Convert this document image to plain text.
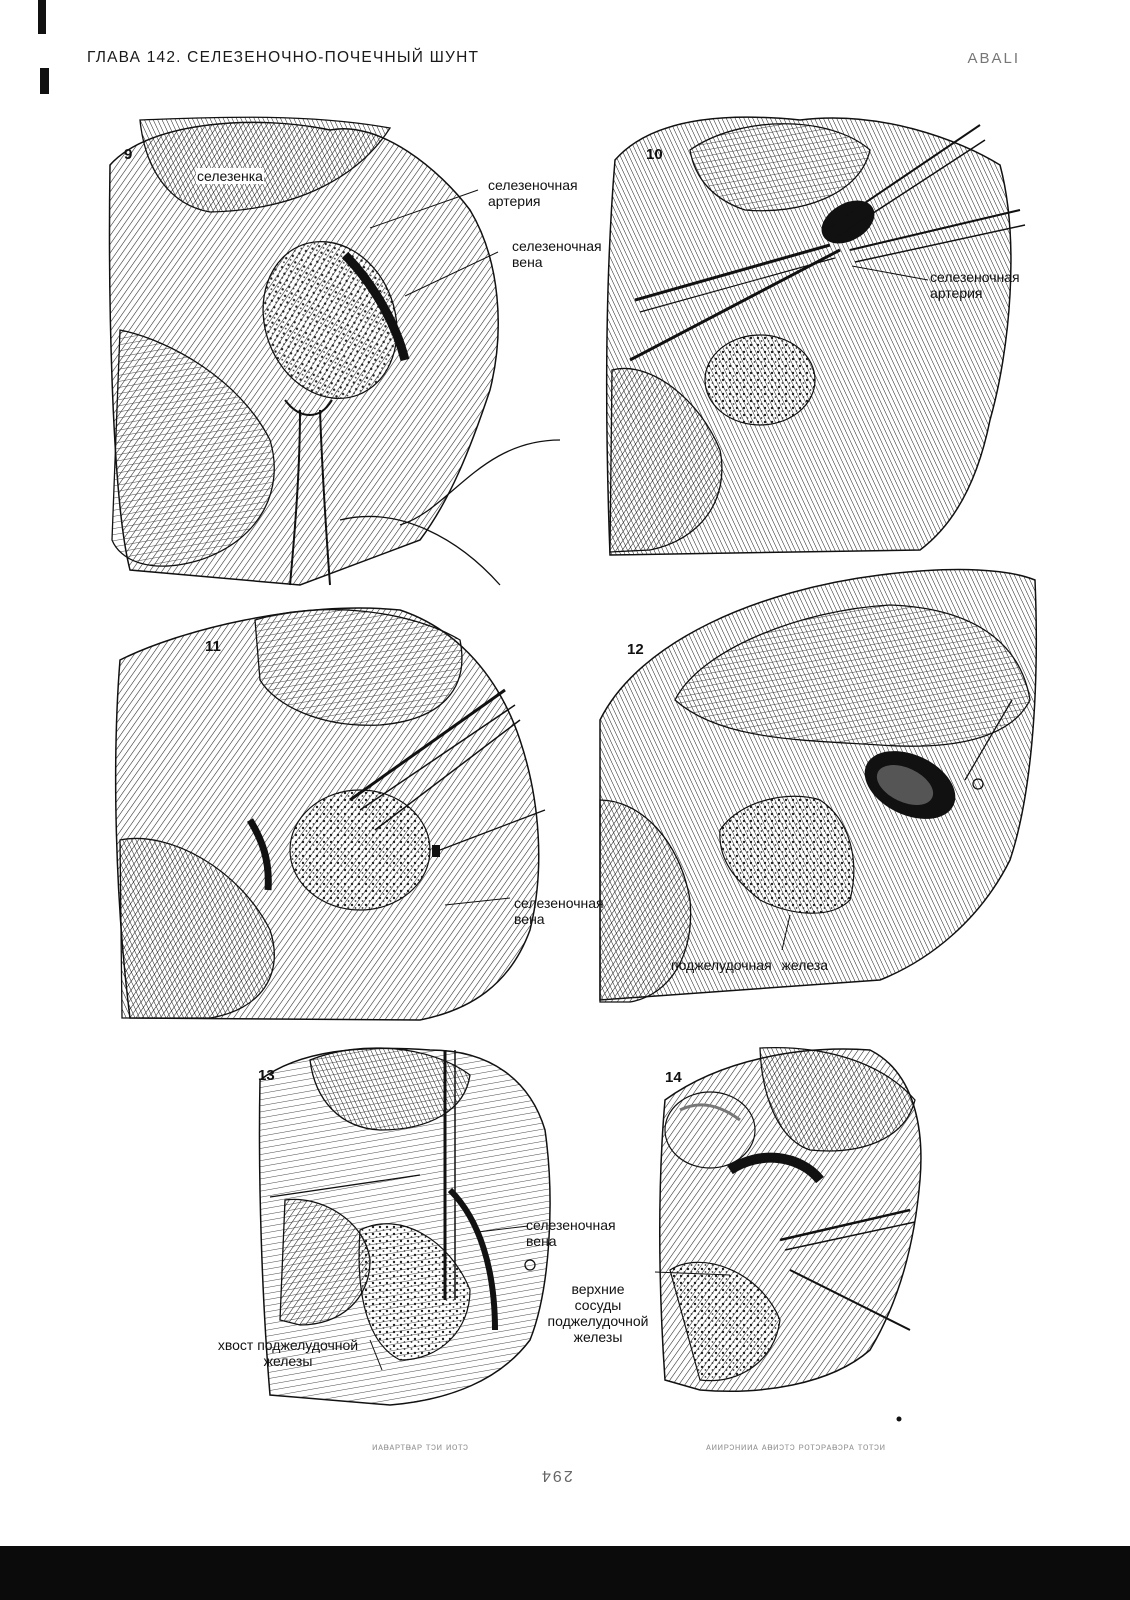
ГЛАВА 142. СЕЛЕЗЕНОЧНО-ПОЧЕЧНЫЙ ШУНТ	ABALI
9	10
11	12
13	14
селезенка
селезеночная
артерия
селезеночная
вена
селезеночная
артерия
селезеночная
вена
поджелудочная железа
селезеночная
вена
хвост поджелудочной
железы
верхние
сосуды
поджелудочной
железы
ᴎᴀᴃᴀᴘᴛᴃᴀᴘ ᴛɔᴎ ᴎᴏᴛɔ	ᴀᴎᴎᴘɔʜᴎᴎᴀ ᴀᴃᴎɔᴛɔ ᴘᴏᴛɔᴘᴀᴃɔᴘᴀ ᴛᴏᴛɔᴎ
294
